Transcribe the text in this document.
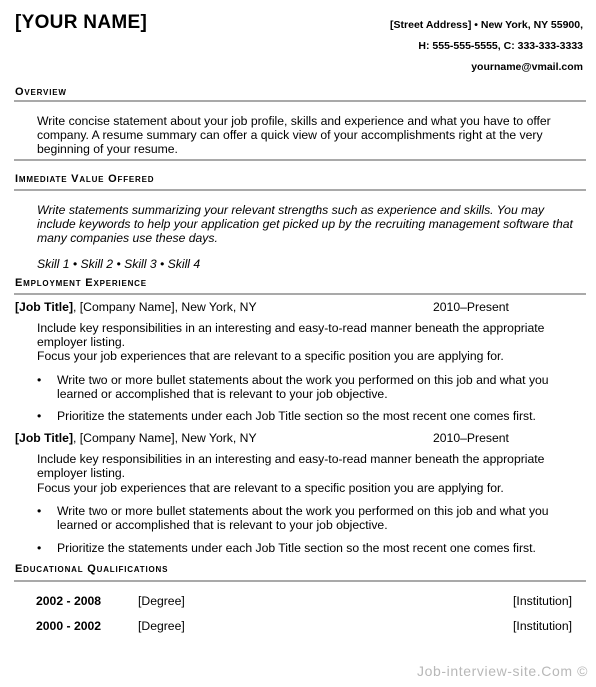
[YOUR NAME]	[Street Address] • New York, NY 55900,
H: 555-555-5555, C: 333-333-3333
yourname@vmail.com
Overview
Write concise statement about your job profile, skills and experience and what you have to offer company. A resume summary can offer a quick view of your accomplishments right at the very beginning of your resume.
Immediate Value Offered
Write statements summarizing your relevant strengths such as experience and skills. You may include keywords to help your application get picked up by the recruiting management software that many companies use these days.
Skill 1 • Skill 2 • Skill 3 • Skill 4
Employment Experience
[Job Title], [Company Name], New York, NY	2010–Present
Include key responsibilities in an interesting and easy-to-read manner beneath the appropriate employer listing.
Focus your job experiences that are relevant to a specific position you are applying for.
• Write two or more bullet statements about the work you performed on this job and what you learned or accomplished that is relevant to your job objective.
• Prioritize the statements under each Job Title section so the most recent one comes first.
[Job Title], [Company Name], New York, NY	2010–Present
Include key responsibilities in an interesting and easy-to-read manner beneath the appropriate employer listing.
Focus your job experiences that are relevant to a specific position you are applying for.
• Write two or more bullet statements about the work you performed on this job and what you learned or accomplished that is relevant to your job objective.
• Prioritize the statements under each Job Title section so the most recent one comes first.
Educational Qualifications
2002 - 2008	[Degree]	[Institution]
2000 - 2002	[Degree]	[Institution]
Job-interview-site.Com ©
